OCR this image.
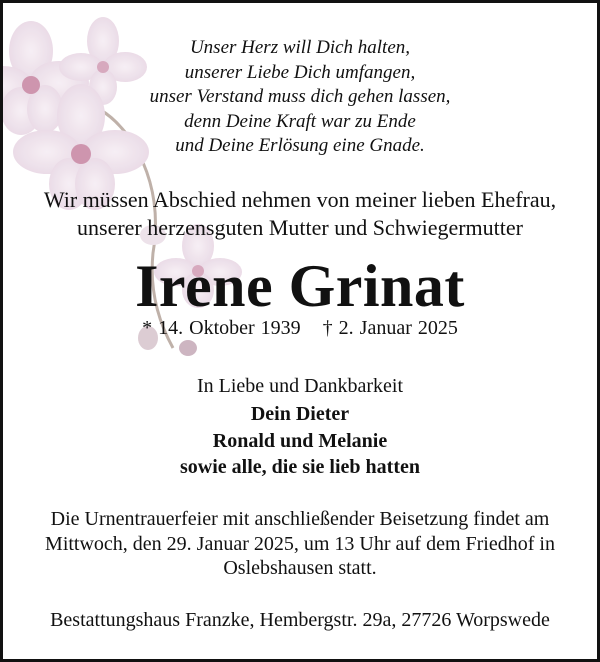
Unser Herz will Dich halten,
unserer Liebe Dich umfangen,
unser Verstand muss dich gehen lassen,
denn Deine Kraft war zu Ende
und Deine Erlösung eine Gnade.
Wir müssen Abschied nehmen von meiner lieben Ehefrau,
unserer herzensguten Mutter und Schwiegermutter
Irene Grinat
* 14. Oktober 1939 † 2. Januar 2025
In Liebe und Dankbarkeit
Dein Dieter
Ronald und Melanie
sowie alle, die sie lieb hatten
Die Urnentrauerfeier mit anschließender Beisetzung findet am
Mittwoch, den 29. Januar 2025, um 13 Uhr auf dem Friedhof in
Oslebshausen statt.
Bestattungshaus Franzke, Hembergstr. 29a, 27726 Worpswede
